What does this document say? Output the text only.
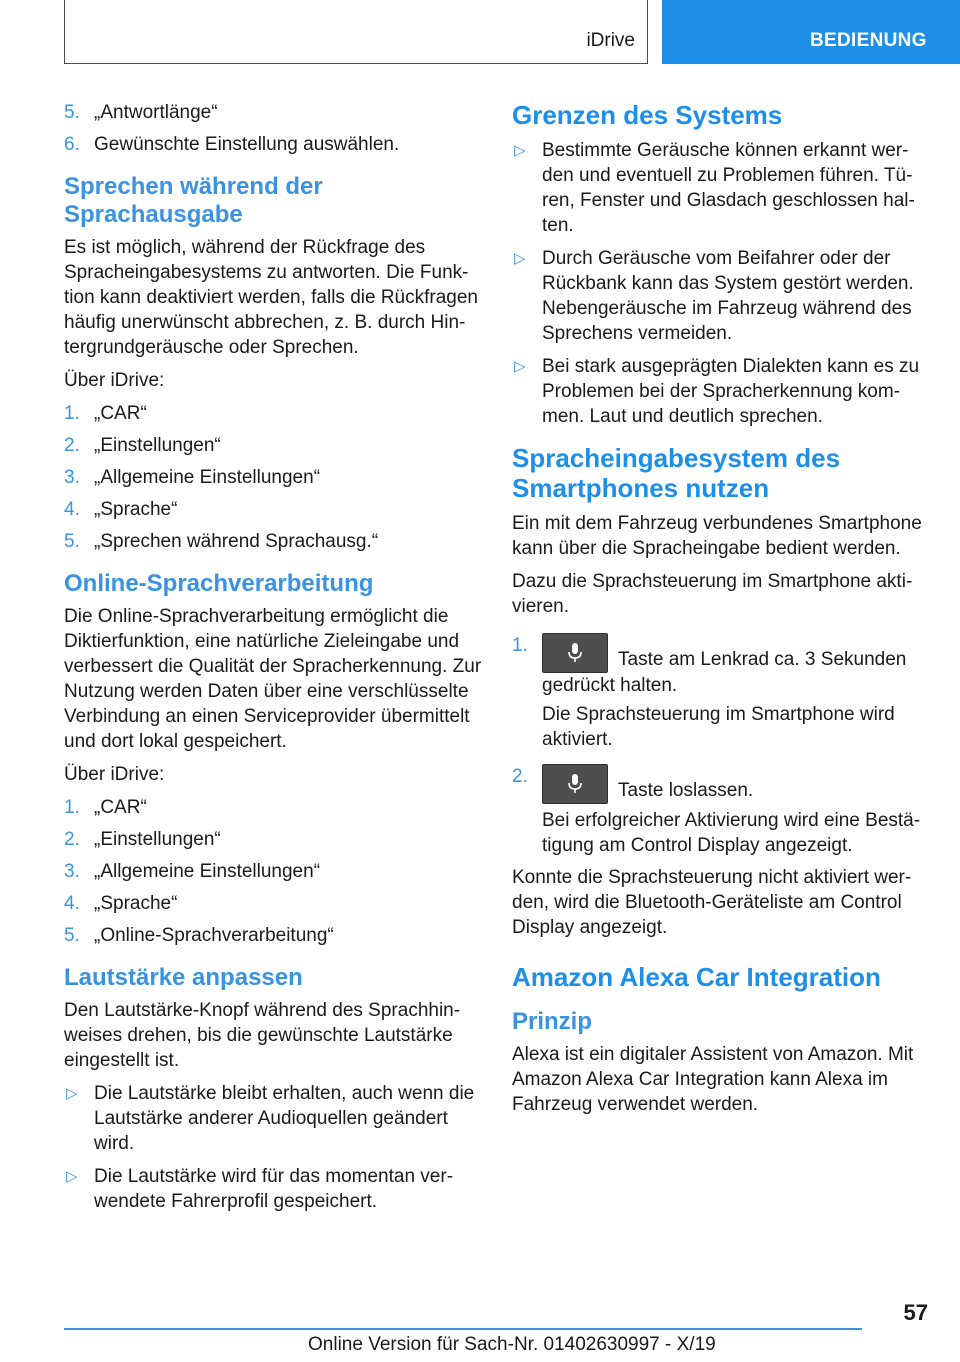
iDrive	BEDIENUNG
5. „Antwortlänge“
6. Gewünschte Einstellung auswählen.
Sprechen während der Sprachausgabe

Es ist möglich, während der Rückfrage des Spracheingabesystems zu antworten. Die Funktion kann deaktiviert werden, falls die Rückfragen häufig unerwünscht abbrechen, z. B. durch Hintergrundgeräusche oder Sprechen.

Über iDrive:

1. „CAR“
2. „Einstellungen“
3. „Allgemeine Einstellungen“
4. „Sprache“
5. „Sprechen während Sprachausg.“
Online-Sprachverarbeitung

Die Online-Sprachverarbeitung ermöglicht die Diktierfunktion, eine natürliche Zieleingabe und verbessert die Qualität der Spracherkennung. Zur Nutzung werden Daten über eine verschlüsselte Verbindung an einen Serviceprovider übermittelt und dort lokal gespeichert.

Über iDrive:

1. „CAR“
2. „Einstellungen“
3. „Allgemeine Einstellungen“
4. „Sprache“
5. „Online-Sprachverarbeitung“
Lautstärke anpassen

Den Lautstärke-Knopf während des Sprachhinweises drehen, bis die gewünschte Lautstärke eingestellt ist.

▷ Die Lautstärke bleibt erhalten, auch wenn die Lautstärke anderer Audioquellen geändert wird.
▷ Die Lautstärke wird für das momentan verwendete Fahrerprofil gespeichert.
Grenzen des Systems
▷ Bestimmte Geräusche können erkannt werden und eventuell zu Problemen führen. Türen, Fenster und Glasdach geschlossen halten.
▷ Durch Geräusche vom Beifahrer oder der Rückbank kann das System gestört werden. Nebengeräusche im Fahrzeug während des Sprechens vermeiden.
▷ Bei stark ausgeprägten Dialekten kann es zu Problemen bei der Spracherkennung kommen. Laut und deutlich sprechen.
Spracheingabesystem des Smartphones nutzen

Ein mit dem Fahrzeug verbundenes Smartphone kann über die Spracheingabe bedient werden.

Dazu die Sprachsteuerung im Smartphone aktivieren.

1.
Taste am Lenkrad ca. 3 Sekunden gedrückt halten.

Die Sprachsteuerung im Smartphone wird aktiviert.

2.
Taste loslassen.

Bei erfolgreicher Aktivierung wird eine Bestätigung am Control Display angezeigt.

Konnte die Sprachsteuerung nicht aktiviert werden, wird die Bluetooth-Geräteliste am Control Display angezeigt.

Amazon Alexa Car Integration
Prinzip

Alexa ist ein digitaler Assistent von Amazon. Mit Amazon Alexa Car Integration kann Alexa im Fahrzeug verwendet werden.

57
Online Version für Sach-Nr. 01402630997 - X/19
